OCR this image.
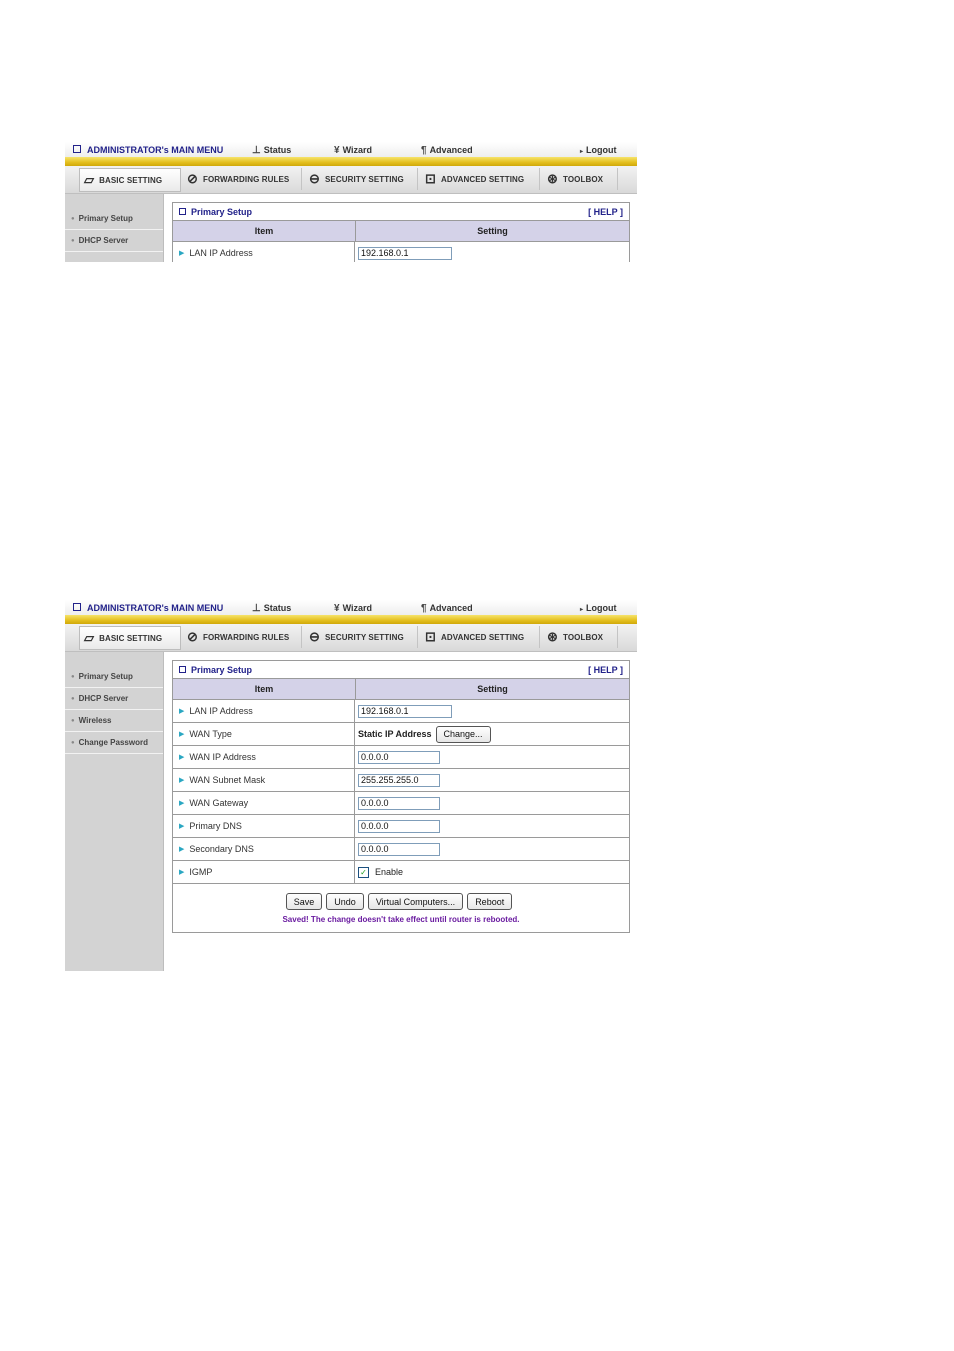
ADMINISTRATOR's MAIN MENU	⊥ Status	¥ Wizard	¶ Advanced	▸ Logout
▱ BASIC SETTING ⊘ FORWARDING RULES ⊖ SECURITY SETTING ⊡ ADVANCED SETTING ⊛ TOOLBOX
● Primary Setup
● DHCP Server
Primary Setup	[ HELP ]
Item	Setting
▶ LAN IP Address	192.168.0.1
ADMINISTRATOR's MAIN MENU	⊥ Status	¥ Wizard	¶ Advanced	▸ Logout
▱ BASIC SETTING ⊘ FORWARDING RULES ⊖ SECURITY SETTING ⊡ ADVANCED SETTING ⊛ TOOLBOX
● Primary Setup
● DHCP Server
● Wireless
● Change Password
Primary Setup	[ HELP ]
Item	Setting
▶ LAN IP Address	192.168.0.1
▶ WAN Type	Static IP Address	Change...
▶ WAN IP Address	0.0.0.0
▶ WAN Subnet Mask	255.255.255.0
▶ WAN Gateway	0.0.0.0
▶ Primary DNS	0.0.0.0
▶ Secondary DNS	0.0.0.0
▶ IGMP	✓ Enable
Save Undo Virtual Computers... Reboot
Saved! The change doesn't take effect until router is rebooted.
